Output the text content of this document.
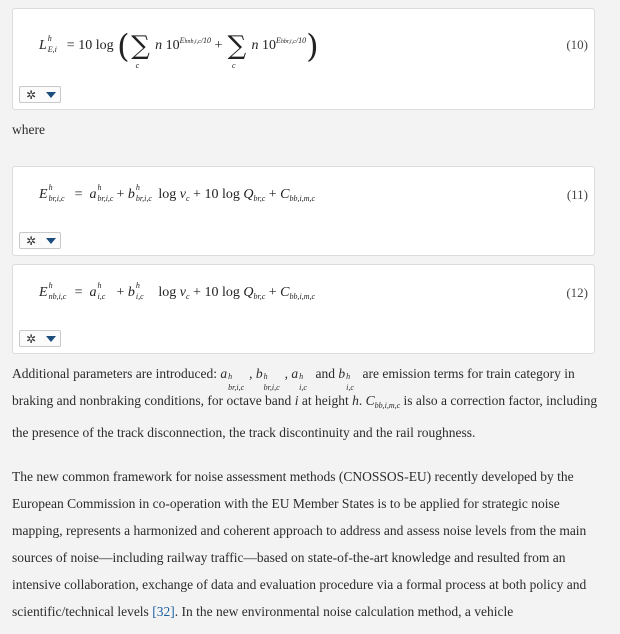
L h
E,i = 10 log (∑
c
n $10^{Ehnb,i,c/10}$ + ∑
c
n $10^{Ehbr,i,c/10}$)	(10)
✲
where
E h
br,i,c =  a h
br,i,c + b h
br,i,c $\log v_c + 10$ $\log Q_{br,c} + C_{bb,i,m,c}$	(11)
✲
E h
nb,i,c =  a h
i,c + b h
i,c $\log v_c + 10$ $\log Q_{br,c} + C_{bb,i,m,c}$	(12)
✲
Additional parameters are introduced: a h
br,i,c
, b h
br,i,c
, a h
i,c
and b h
i,c
are emission terms for train category in braking and nonbraking conditions, for octave band i at height h. $C_{bb,i,m,c}$ is also a correction factor, including the presence of the track disconnection, the track discontinuity and the rail roughness.
The new common framework for noise assessment methods (CNOSSOS-EU) recently developed by the European Commission in co-operation with the EU Member States is to be applied for strategic noise mapping, represents a harmonized and coherent approach to address and assess noise levels from the main sources of noise—including railway traffic—based on state-of-the-art knowledge and resulted from an intensive collaboration, exchange of data and evaluation procedure via a formal process at both policy and scientific/technical levels [32]. In the new environmental noise calculation method, a vehicle
